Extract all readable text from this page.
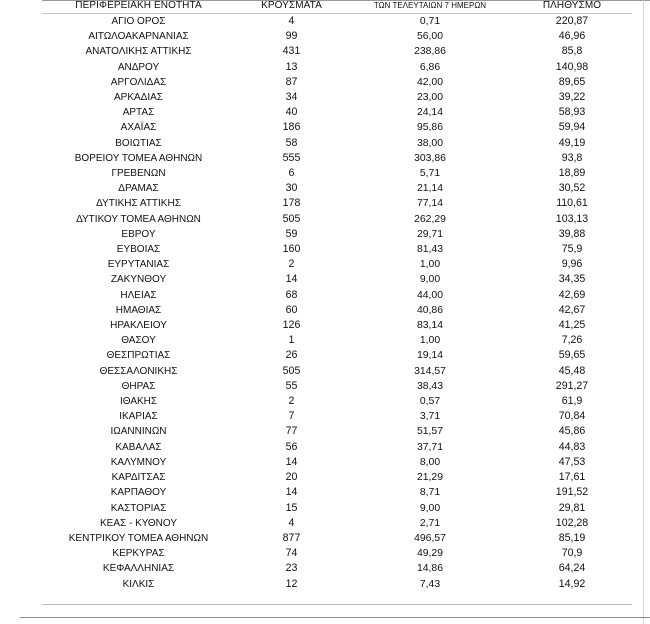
ΠΕΡΙΦΕΡΕΙΑΚΗ ΕΝΟΤΗΤΑ	ΚΡΟΥΣΜΑΤΑ	ΤΩΝ ΤΕΛΕΥΤΑΙΩΝ 7 ΗΜΕΡΩΝ	ΠΛΗΘΥΣΜΟ
ΑΓΙΟ ΟΡΟΣ	4	0,71	220,87
ΑΙΤΩΛΟΑΚΑΡΝΑΝΙΑΣ	99	56,00	46,96
ΑΝΑΤΟΛΙΚΗΣ ΑΤΤΙΚΗΣ	431	238,86	85,8
ΑΝΔΡΟΥ	13	6,86	140,98
ΑΡΓΟΛΙΔΑΣ	87	42,00	89,65
ΑΡΚΑΔΙΑΣ	34	23,00	39,22
ΑΡΤΑΣ	40	24,14	58,93
ΑΧΑΪΑΣ	186	95,86	59,94
ΒΟΙΩΤΙΑΣ	58	38,00	49,19
ΒΟΡΕΙΟΥ ΤΟΜΕΑ ΑΘΗΝΩΝ	555	303,86	93,8
ΓΡΕΒΕΝΩΝ	6	5,71	18,89
ΔΡΑΜΑΣ	30	21,14	30,52
ΔΥΤΙΚΗΣ ΑΤΤΙΚΗΣ	178	77,14	110,61
ΔΥΤΙΚΟΥ ΤΟΜΕΑ ΑΘΗΝΩΝ	505	262,29	103,13
ΕΒΡΟΥ	59	29,71	39,88
ΕΥΒΟΙΑΣ	160	81,43	75,9
ΕΥΡΥΤΑΝΙΑΣ	2	1,00	9,96
ΖΑΚΥΝΘΟΥ	14	9,00	34,35
ΗΛΕΙΑΣ	68	44,00	42,69
ΗΜΑΘΙΑΣ	60	40,86	42,67
ΗΡΑΚΛΕΙΟΥ	126	83,14	41,25
ΘΑΣΟΥ	1	1,00	7,26
ΘΕΣΠΡΩΤΙΑΣ	26	19,14	59,65
ΘΕΣΣΑΛΟΝΙΚΗΣ	505	314,57	45,48
ΘΗΡΑΣ	55	38,43	291,27
ΙΘΑΚΗΣ	2	0,57	61,9
ΙΚΑΡΙΑΣ	7	3,71	70,84
ΙΩΑΝΝΙΝΩΝ	77	51,57	45,86
ΚΑΒΑΛΑΣ	56	37,71	44,83
ΚΑΛΥΜΝΟΥ	14	8,00	47,53
ΚΑΡΔΙΤΣΑΣ	20	21,29	17,61
ΚΑΡΠΑΘΟΥ	14	8,71	191,52
ΚΑΣΤΟΡΙΑΣ	15	9,00	29,81
ΚΕΑΣ - ΚΥΘΝΟΥ	4	2,71	102,28
ΚΕΝΤΡΙΚΟΥ ΤΟΜΕΑ ΑΘΗΝΩΝ	877	496,57	85,19
ΚΕΡΚΥΡΑΣ	74	49,29	70,9
ΚΕΦΑΛΛΗΝΙΑΣ	23	14,86	64,24
ΚΙΛΚΙΣ	12	7,43	14,92
